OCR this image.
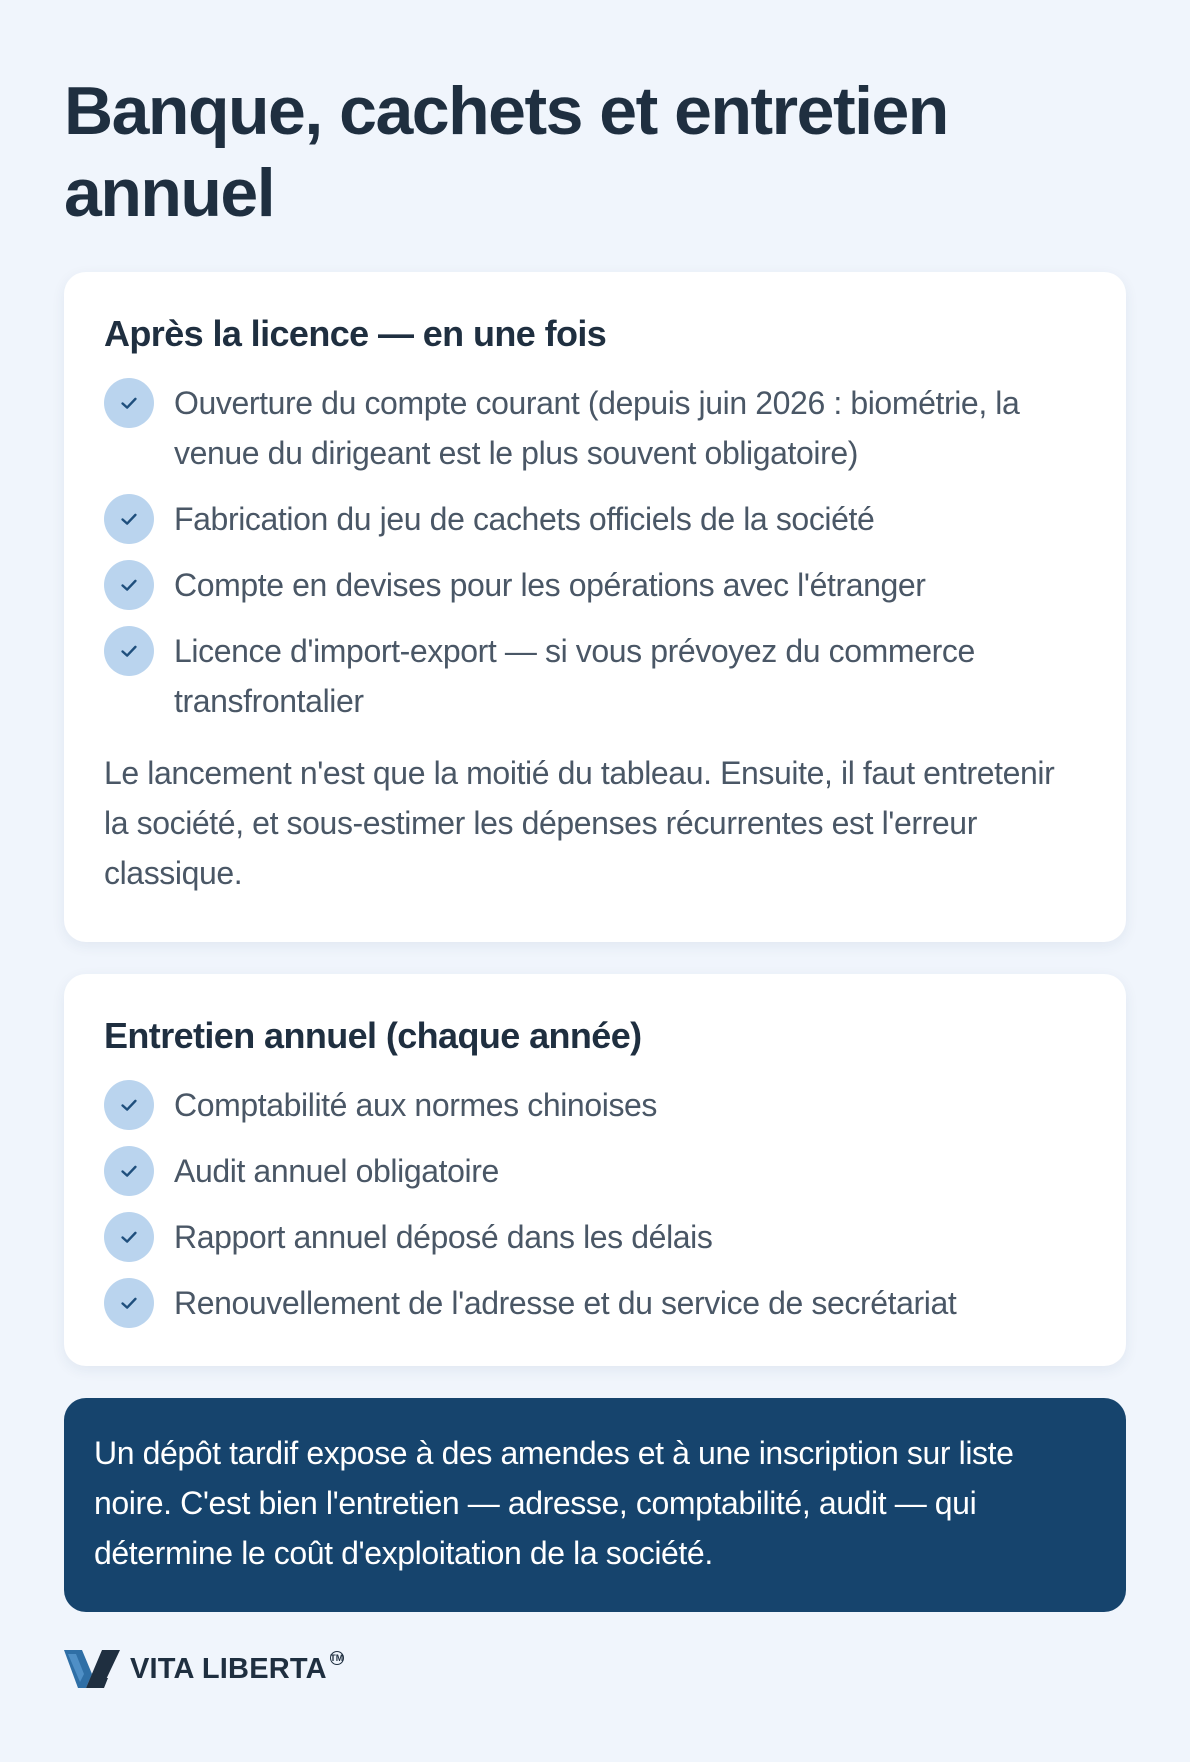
Banque, cachets et entretien annuel
Après la licence — en une fois
Ouverture du compte courant (depuis juin 2026 : biométrie, la venue du dirigeant est le plus souvent obligatoire)
Fabrication du jeu de cachets officiels de la société
Compte en devises pour les opérations avec l'étranger
Licence d'import-export — si vous prévoyez du commerce transfrontalier

Le lancement n'est que la moitié du tableau. Ensuite, il faut entretenir la société, et sous-estimer les dépenses récurrentes est l'erreur classique.

Entretien annuel (chaque année)
Comptabilité aux normes chinoises
Audit annuel obligatoire
Rapport annuel déposé dans les délais
Renouvellement de l'adresse et du service de secrétariat

Un dépôt tardif expose à des amendes et à une inscription sur liste noire. C'est bien l'entretien — adresse, comptabilité, audit — qui détermine le coût d'exploitation de la société.

VITA LIBERTA TM
